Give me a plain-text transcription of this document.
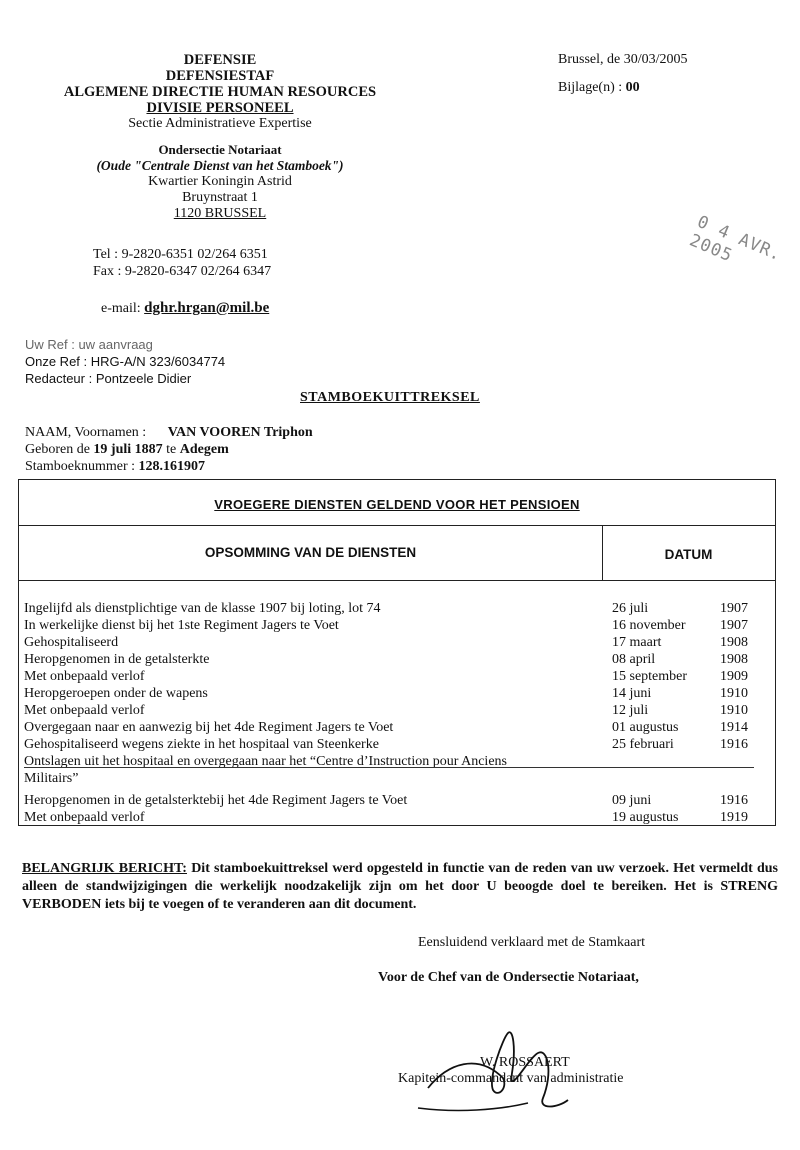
DEFENSIE
DEFENSIESTAF
ALGEMENE DIRECTIE HUMAN RESOURCES
DIVISIE PERSONEEL
Sectie Administratieve Expertise
Ondersectie Notariaat
(Oude "Centrale Dienst van het Stamboek")
Kwartier Koningin Astrid
Bruynstraat 1
1120 BRUSSEL
Brussel, de 30/03/2005
Bijlage(n) : 00
0 4 AVR. 2005
Tel : 9-2820-6351 02/264 6351
Fax : 9-2820-6347 02/264 6347
e-mail: dghr.hrgan@mil.be
Uw Ref : uw aanvraag
Onze Ref : HRG-A/N 323/6034774
Redacteur : Pontzeele Didier
STAMBOEKUITTREKSEL
NAAM, Voornamen : VAN VOOREN Triphon
Geboren de 19 juli 1887 te Adegem
Stamboeknummer : 128.161907
VROEGERE DIENSTEN GELDEND VOOR HET PENSIOEN
OPSOMMING VAN DE DIENSTEN	DATUM
Ingelijfd als dienstplichtige van de klasse 1907 bij loting, lot 74	26 juli	1907
In werkelijke dienst bij het 1ste Regiment Jagers te Voet	16 november 1907
Gehospitaliseerd	17 maart	1908
Heropgenomen in de getalsterkte	08 april	1908
Met onbepaald verlof	15 september 1909
Heropgeroepen onder de wapens	14 juni	1910
Met onbepaald verlof	12 juli	1910
Overgegaan naar en aanwezig bij het 4de Regiment Jagers te Voet	01 augustus	1914
Gehospitaliseerd wegens ziekte in het hospitaal van Steenkerke	25 februari	1916
Ontslagen uit het hospitaal en overgegaan naar het “Centre d’Instruction pour Anciens
Militairs”
Heropgenomen in de getalsterktebij het 4de Regiment Jagers te Voet	09 juni	1916
Met onbepaald verlof	19 augustus	1919
BELANGRIJK BERICHT: Dit stamboekuittreksel werd opgesteld in functie van de reden van uw verzoek. Het vermeldt dus alleen de standwijzigingen die werkelijk noodzakelijk zijn om het door U beoogde doel te bereiken. Het is STRENG VERBODEN iets bij te voegen of te veranderen aan dit document.
Eensluidend verklaard met de Stamkaart
Voor de Chef van de Ondersectie Notariaat,
W. ROSSAERT
Kapitein-commandant van administratie
